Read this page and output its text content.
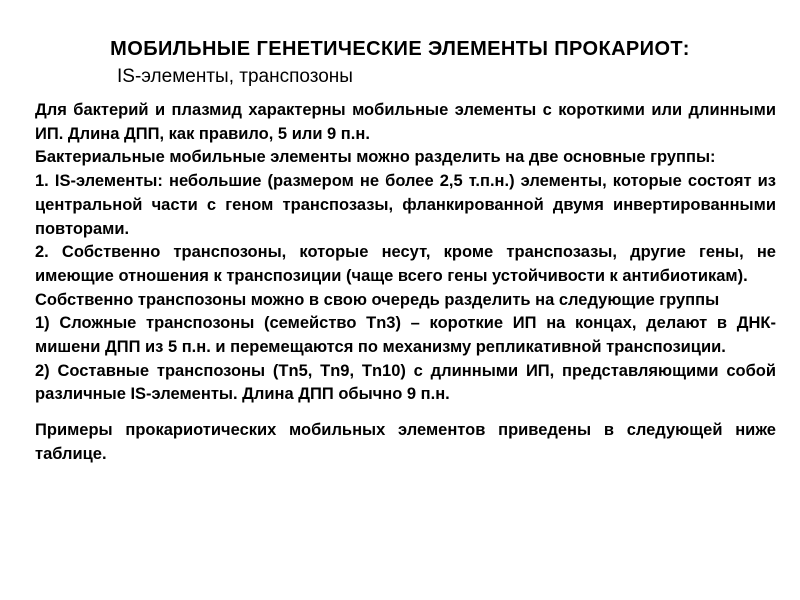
МОБИЛЬНЫЕ ГЕНЕТИЧЕСКИЕ ЭЛЕМЕНТЫ ПРОКАРИОТ:
IS-элементы, транспозоны

Для бактерий и плазмид характерны мобильные элементы с короткими или длинными ИП. Длина ДПП, как правило, 5 или 9 п.н.

Бактериальные мобильные элементы можно разделить на две основные группы:

1. IS-элементы: небольшие (размером не более 2,5 т.п.н.) элементы, которые состоят из центральной части с геном транспозазы, фланкированной двумя инвертированными повторами.

2. Собственно транспозоны, которые несут, кроме транспозазы, другие гены, не имеющие отношения к транспозиции (чаще всего гены устойчивости к антибиотикам).

Собственно транспозоны можно в свою очередь разделить на следующие группы

1) Сложные транспозоны (семейство Tn3) – короткие ИП на концах, делают в ДНК-мишени ДПП из 5 п.н. и перемещаются по механизму репликативной транспозиции.

2) Составные транспозоны (Tn5, Tn9, Tn10) с длинными ИП, представляющими собой различные IS-элементы. Длина ДПП обычно 9 п.н.

Примеры прокариотических мобильных элементов приведены в следующей ниже таблице.
